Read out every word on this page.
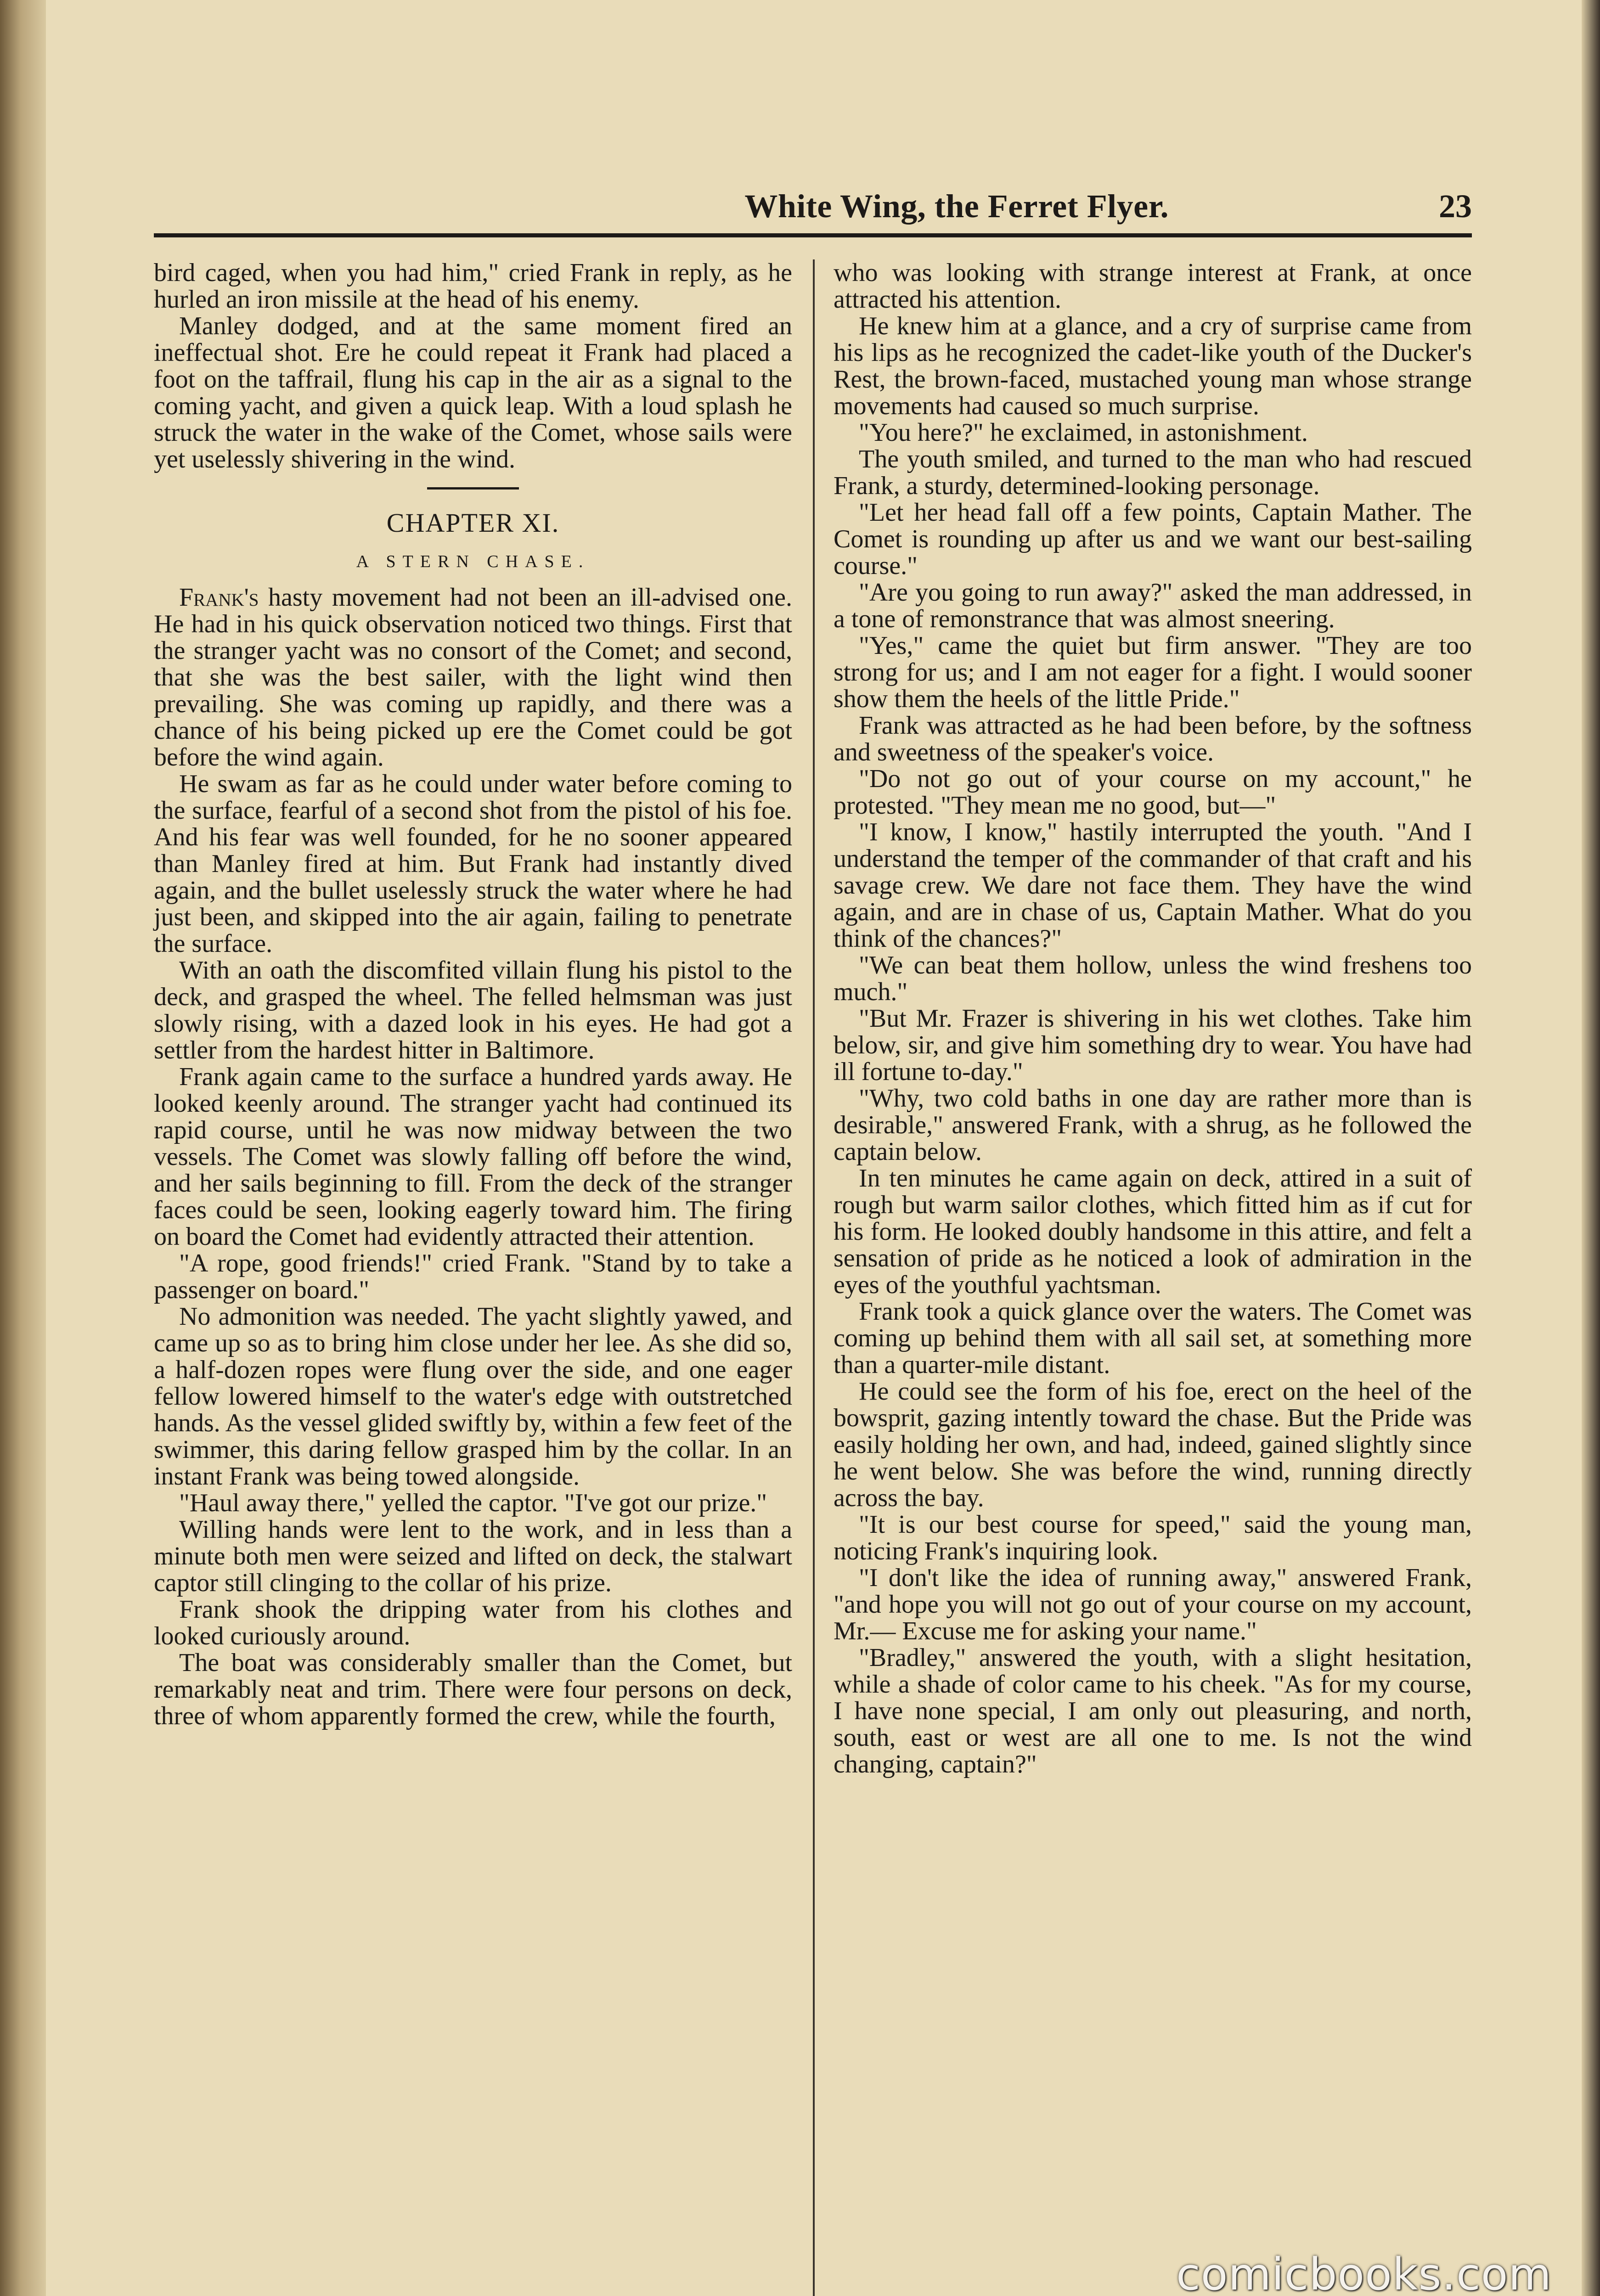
White Wing, the Ferret Flyer.	23

bird caged, when you had him," cried Frank in reply, as he hurled an iron missile at the head of his enemy.

Manley dodged, and at the same moment fired an ineffectual shot. Ere he could repeat it Frank had placed a foot on the taffrail, flung his cap in the air as a signal to the coming yacht, and given a quick leap. With a loud splash he struck the water in the wake of the Comet, whose sails were yet uselessly shivering in the wind.

CHAPTER XI.
A STERN CHASE.

Frank's hasty movement had not been an ill-advised one. He had in his quick observation noticed two things. First that the stranger yacht was no consort of the Comet; and second, that she was the best sailer, with the light wind then prevailing. She was coming up rapidly, and there was a chance of his being picked up ere the Comet could be got before the wind again.

He swam as far as he could under water before coming to the surface, fearful of a second shot from the pistol of his foe. And his fear was well founded, for he no sooner appeared than Manley fired at him. But Frank had instantly dived again, and the bullet uselessly struck the water where he had just been, and skipped into the air again, failing to penetrate the surface.

With an oath the discomfited villain flung his pistol to the deck, and grasped the wheel. The felled helmsman was just slowly rising, with a dazed look in his eyes. He had got a settler from the hardest hitter in Baltimore.

Frank again came to the surface a hundred yards away. He looked keenly around. The stranger yacht had continued its rapid course, until he was now midway between the two vessels. The Comet was slowly falling off before the wind, and her sails beginning to fill. From the deck of the stranger faces could be seen, looking eagerly toward him. The firing on board the Comet had evidently attracted their attention.

"A rope, good friends!" cried Frank. "Stand by to take a passenger on board."

No admonition was needed. The yacht slightly yawed, and came up so as to bring him close under her lee. As she did so, a half-dozen ropes were flung over the side, and one eager fellow lowered himself to the water's edge with outstretched hands. As the vessel glided swiftly by, within a few feet of the swimmer, this daring fellow grasped him by the collar. In an instant Frank was being towed alongside.

"Haul away there," yelled the captor. "I've got our prize."

Willing hands were lent to the work, and in less than a minute both men were seized and lifted on deck, the stalwart captor still clinging to the collar of his prize.

Frank shook the dripping water from his clothes and looked curiously around.

The boat was considerably smaller than the Comet, but remarkably neat and trim. There were four persons on deck, three of whom apparently formed the crew, while the fourth,

who was looking with strange interest at Frank, at once attracted his attention.

He knew him at a glance, and a cry of surprise came from his lips as he recognized the cadet-like youth of the Ducker's Rest, the brown-faced, mustached young man whose strange movements had caused so much surprise.

"You here?" he exclaimed, in astonishment.

The youth smiled, and turned to the man who had rescued Frank, a sturdy, determined-looking personage.

"Let her head fall off a few points, Captain Mather. The Comet is rounding up after us and we want our best-sailing course."

"Are you going to run away?" asked the man addressed, in a tone of remonstrance that was almost sneering.

"Yes," came the quiet but firm answer. "They are too strong for us; and I am not eager for a fight. I would sooner show them the heels of the little Pride."

Frank was attracted as he had been before, by the softness and sweetness of the speaker's voice.

"Do not go out of your course on my account," he protested. "They mean me no good, but—"

"I know, I know," hastily interrupted the youth. "And I understand the temper of the commander of that craft and his savage crew. We dare not face them. They have the wind again, and are in chase of us, Captain Mather. What do you think of the chances?"

"We can beat them hollow, unless the wind freshens too much."

"But Mr. Frazer is shivering in his wet clothes. Take him below, sir, and give him something dry to wear. You have had ill fortune to-day."

"Why, two cold baths in one day are rather more than is desirable," answered Frank, with a shrug, as he followed the captain below.

In ten minutes he came again on deck, attired in a suit of rough but warm sailor clothes, which fitted him as if cut for his form. He looked doubly handsome in this attire, and felt a sensation of pride as he noticed a look of admiration in the eyes of the youthful yachtsman.

Frank took a quick glance over the waters. The Comet was coming up behind them with all sail set, at something more than a quarter-mile distant.

He could see the form of his foe, erect on the heel of the bowsprit, gazing intently toward the chase. But the Pride was easily holding her own, and had, indeed, gained slightly since he went below. She was before the wind, running directly across the bay.

"It is our best course for speed," said the young man, noticing Frank's inquiring look.

"I don't like the idea of running away," answered Frank, "and hope you will not go out of your course on my account, Mr.— Excuse me for asking your name."

"Bradley," answered the youth, with a slight hesitation, while a shade of color came to his cheek. "As for my course, I have none special, I am only out pleasuring, and north, south, east or west are all one to me. Is not the wind changing, captain?"

comicbooks.com
